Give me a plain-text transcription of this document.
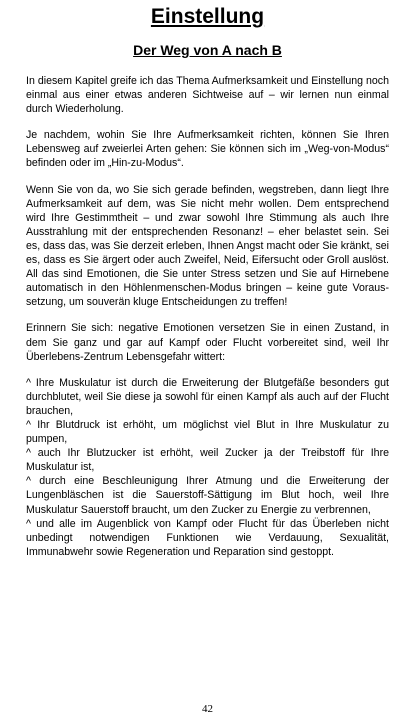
Einstellung
Der Weg von A nach B

In diesem Kapitel greife ich das Thema Aufmerksamkeit und Einstellung noch einmal aus einer etwas anderen Sichtweise auf – wir lernen nun einmal durch Wiederholung.

Je nachdem, wohin Sie Ihre Aufmerksamkeit richten, können Sie Ihren Lebensweg auf zweierlei Arten gehen: Sie können sich im „Weg-von-Modus“ befinden oder im „Hin-zu-Modus“.

Wenn Sie von da, wo Sie sich gerade befinden, wegstreben, dann liegt Ihre Aufmerksamkeit auf dem, was Sie nicht mehr wollen. Dem entsprechend wird Ihre Gestimmtheit – und zwar sowohl Ihre Stimmung als auch Ihre Ausstrahlung mit der entsprechenden Resonanz! – eher belastet sein. Sei es, dass das, was Sie derzeit erleben, Ihnen Angst macht oder Sie kränkt, sei es, dass es Sie ärgert oder auch Zweifel, Neid, Eifersucht oder Groll auslöst. All das sind Emotionen, die Sie unter Stress setzen und Sie auf Hirnebene automatisch in den Höhlenmenschen-Modus bringen – keine gute Voraussetzung, um souverän kluge Entscheidungen zu treffen!

Erinnern Sie sich: negative Emotionen versetzen Sie in einen Zustand, in dem Sie ganz und gar auf Kampf oder Flucht vorbereitet sind, weil Ihr Überlebens-Zentrum Lebensgefahr wittert:

^ Ihre Muskulatur ist durch die Erweiterung der Blutgefäße besonders gut durchblutet, weil Sie diese ja sowohl für einen Kampf als auch auf der Flucht brauchen,
^ Ihr Blutdruck ist erhöht, um möglichst viel Blut in Ihre Muskulatur zu pumpen,
^ auch Ihr Blutzucker ist erhöht, weil Zucker ja der Treibstoff für Ihre Muskulatur ist,
^ durch eine Beschleunigung Ihrer Atmung und die Erweiterung der Lungenbläschen ist die Sauerstoff-Sättigung im Blut hoch, weil Ihre Muskulatur Sauerstoff braucht, um den Zucker zu Energie zu verbrennen,
^ und alle im Augenblick von Kampf oder Flucht für das Überleben nicht unbedingt notwendigen Funktionen wie Verdauung, Sexualität, Immunabwehr sowie Regeneration und Reparation sind gestoppt.
42
